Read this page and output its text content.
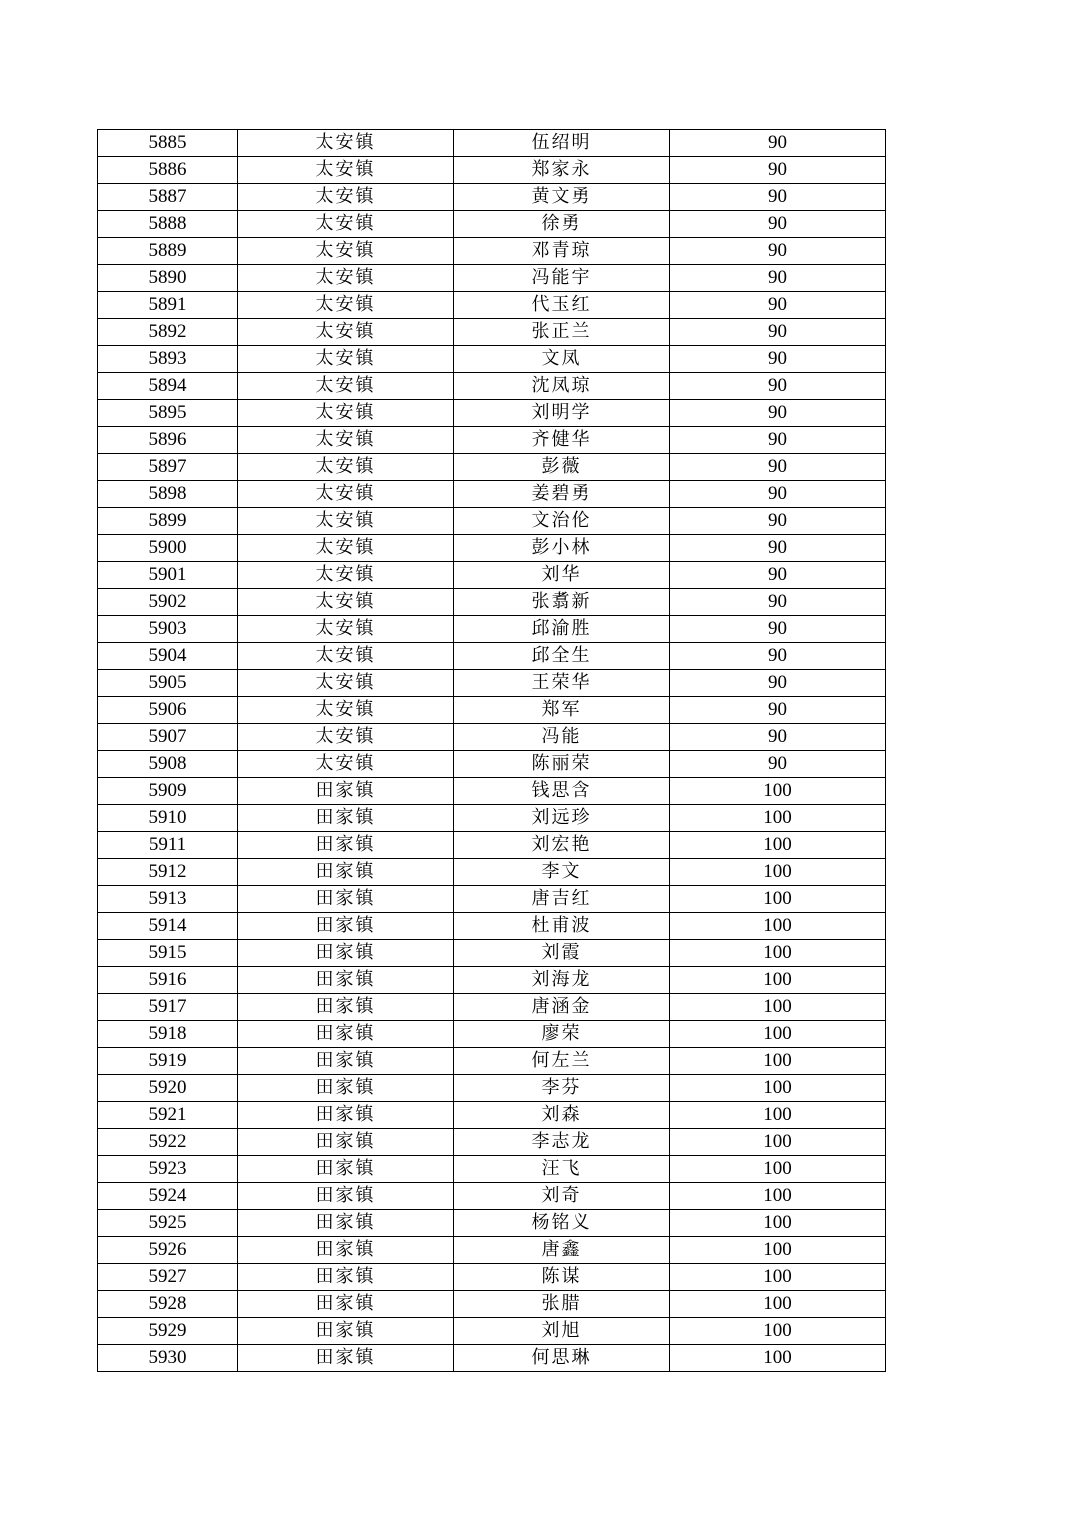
5885	太安镇	伍绍明	90
5886	太安镇	郑家永	90
5887	太安镇	黄文勇	90
5888	太安镇	徐勇	90
5889	太安镇	邓青琼	90
5890	太安镇	冯能宇	90
5891	太安镇	代玉红	90
5892	太安镇	张正兰	90
5893	太安镇	文凤	90
5894	太安镇	沈凤琼	90
5895	太安镇	刘明学	90
5896	太安镇	齐健华	90
5897	太安镇	彭薇	90
5898	太安镇	姜碧勇	90
5899	太安镇	文治伦	90
5900	太安镇	彭小林	90
5901	太安镇	刘华	90
5902	太安镇	张翥新	90
5903	太安镇	邱渝胜	90
5904	太安镇	邱全生	90
5905	太安镇	王荣华	90
5906	太安镇	郑军	90
5907	太安镇	冯能	90
5908	太安镇	陈丽荣	90
5909	田家镇	钱思含	100
5910	田家镇	刘远珍	100
5911	田家镇	刘宏艳	100
5912	田家镇	李文	100
5913	田家镇	唐吉红	100
5914	田家镇	杜甫波	100
5915	田家镇	刘霞	100
5916	田家镇	刘海龙	100
5917	田家镇	唐涵金	100
5918	田家镇	廖荣	100
5919	田家镇	何左兰	100
5920	田家镇	李芬	100
5921	田家镇	刘森	100
5922	田家镇	李志龙	100
5923	田家镇	汪飞	100
5924	田家镇	刘奇	100
5925	田家镇	杨铭义	100
5926	田家镇	唐鑫	100
5927	田家镇	陈谋	100
5928	田家镇	张腊	100
5929	田家镇	刘旭	100
5930	田家镇	何思琳	100
